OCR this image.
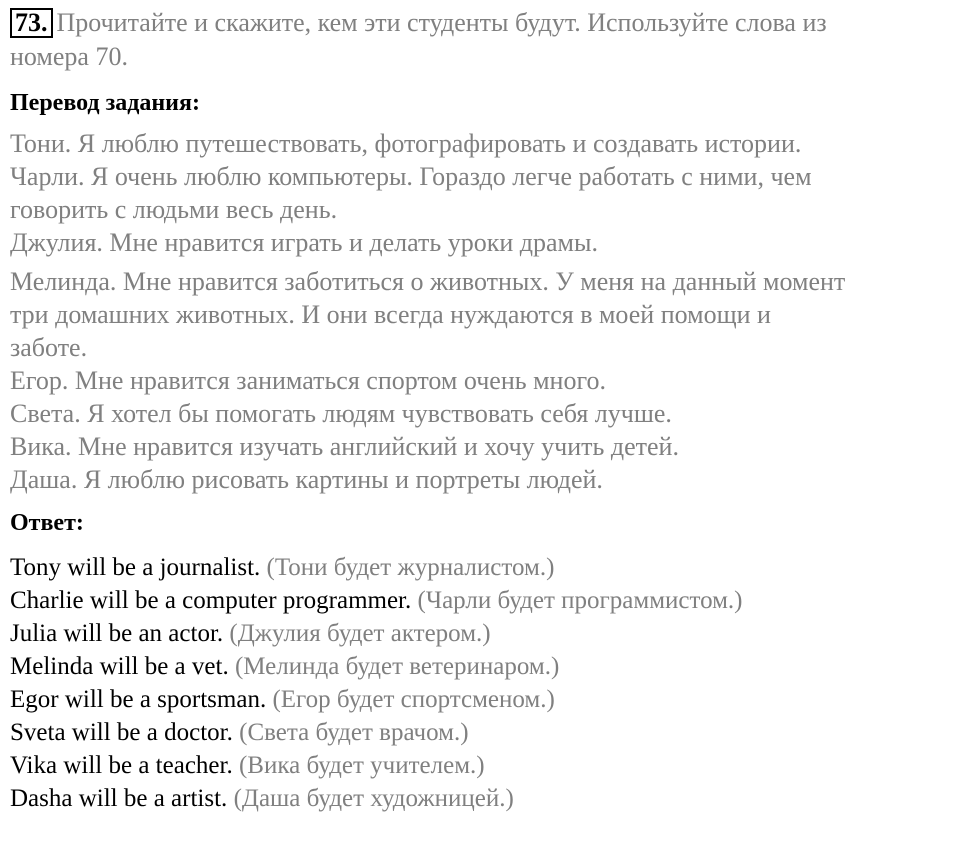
73. Прочитайте и скажите, кем эти студенты будут. Используйте слова из
номера 70.

Перевод задания:

Тони. Я люблю путешествовать, фотографировать и создавать истории.

Чарли. Я очень люблю компьютеры. Гораздо легче работать с ними, чем

говорить с людьми весь день.

Джулия. Мне нравится играть и делать уроки драмы.

Мелинда. Мне нравится заботиться о животных. У меня на данный момент

три домашних животных. И они всегда нуждаются в моей помощи и

заботе.

Егор. Мне нравится заниматься спортом очень много.

Света. Я хотел бы помогать людям чувствовать себя лучше.

Вика. Мне нравится изучать английский и хочу учить детей.

Даша. Я люблю рисовать картины и портреты людей.

Ответ:

Tony will be a journalist. (Тони будет журналистом.)

Charlie will be a computer programmer. (Чарли будет программистом.)

Julia will be an actor. (Джулия будет актером.)

Melinda will be a vet. (Мелинда будет ветеринаром.)

Egor will be a sportsman. (Егор будет спортсменом.)

Sveta will be a doctor. (Света будет врачом.)

Vika will be a teacher. (Вика будет учителем.)

Dasha will be a artist. (Даша будет художницей.)
